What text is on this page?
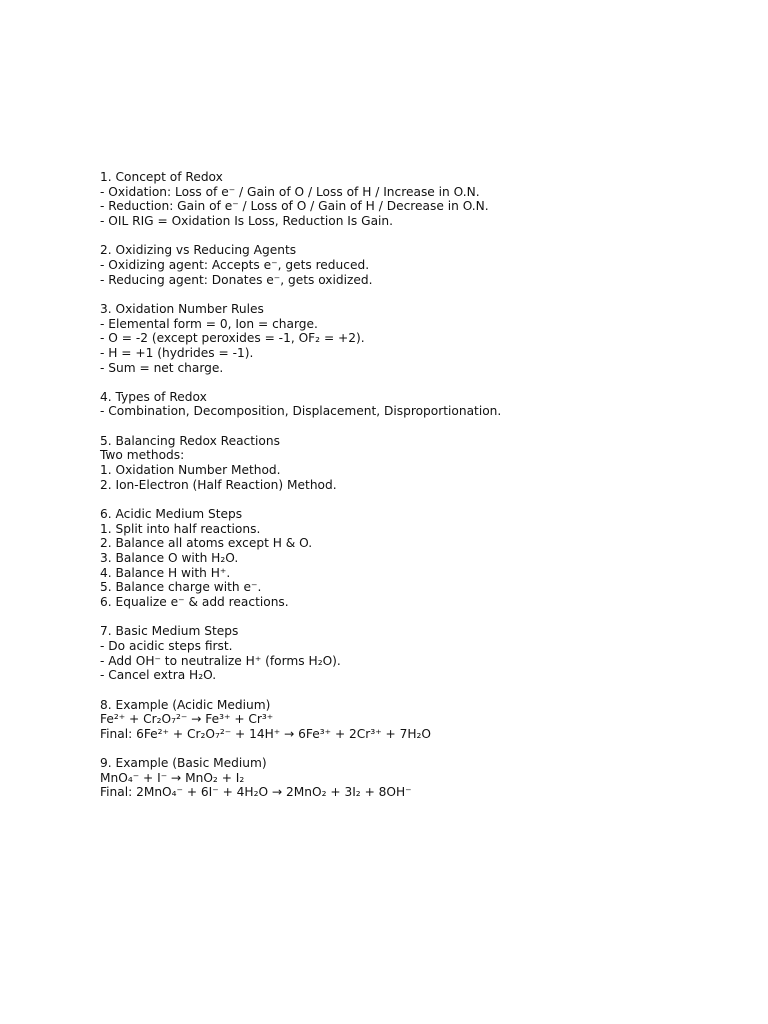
1. Concept of Redox
- Oxidation: Loss of e⁻ / Gain of O / Loss of H / Increase in O.N.
- Reduction: Gain of e⁻ / Loss of O / Gain of H / Decrease in O.N.
- OIL RIG = Oxidation Is Loss, Reduction Is Gain.
2. Oxidizing vs Reducing Agents
- Oxidizing agent: Accepts e⁻, gets reduced.
- Reducing agent: Donates e⁻, gets oxidized.
3. Oxidation Number Rules
- Elemental form = 0, Ion = charge.
- O = -2 (except peroxides = -1, OF₂ = +2).
- H = +1 (hydrides = -1).
- Sum = net charge.
4. Types of Redox
- Combination, Decomposition, Displacement, Disproportionation.
5. Balancing Redox Reactions
Two methods:
1. Oxidation Number Method.
2. Ion-Electron (Half Reaction) Method.
6. Acidic Medium Steps
1. Split into half reactions.
2. Balance all atoms except H & O.
3. Balance O with H₂O.
4. Balance H with H⁺.
5. Balance charge with e⁻.
6. Equalize e⁻ & add reactions.
7. Basic Medium Steps
- Do acidic steps first.
- Add OH⁻ to neutralize H⁺ (forms H₂O).
- Cancel extra H₂O.
8. Example (Acidic Medium)
Fe²⁺ + Cr₂O₇²⁻ → Fe³⁺ + Cr³⁺
Final: 6Fe²⁺ + Cr₂O₇²⁻ + 14H⁺ → 6Fe³⁺ + 2Cr³⁺ + 7H₂O
9. Example (Basic Medium)
MnO₄⁻ + I⁻ → MnO₂ + I₂
Final: 2MnO₄⁻ + 6I⁻ + 4H₂O → 2MnO₂ + 3I₂ + 8OH⁻
